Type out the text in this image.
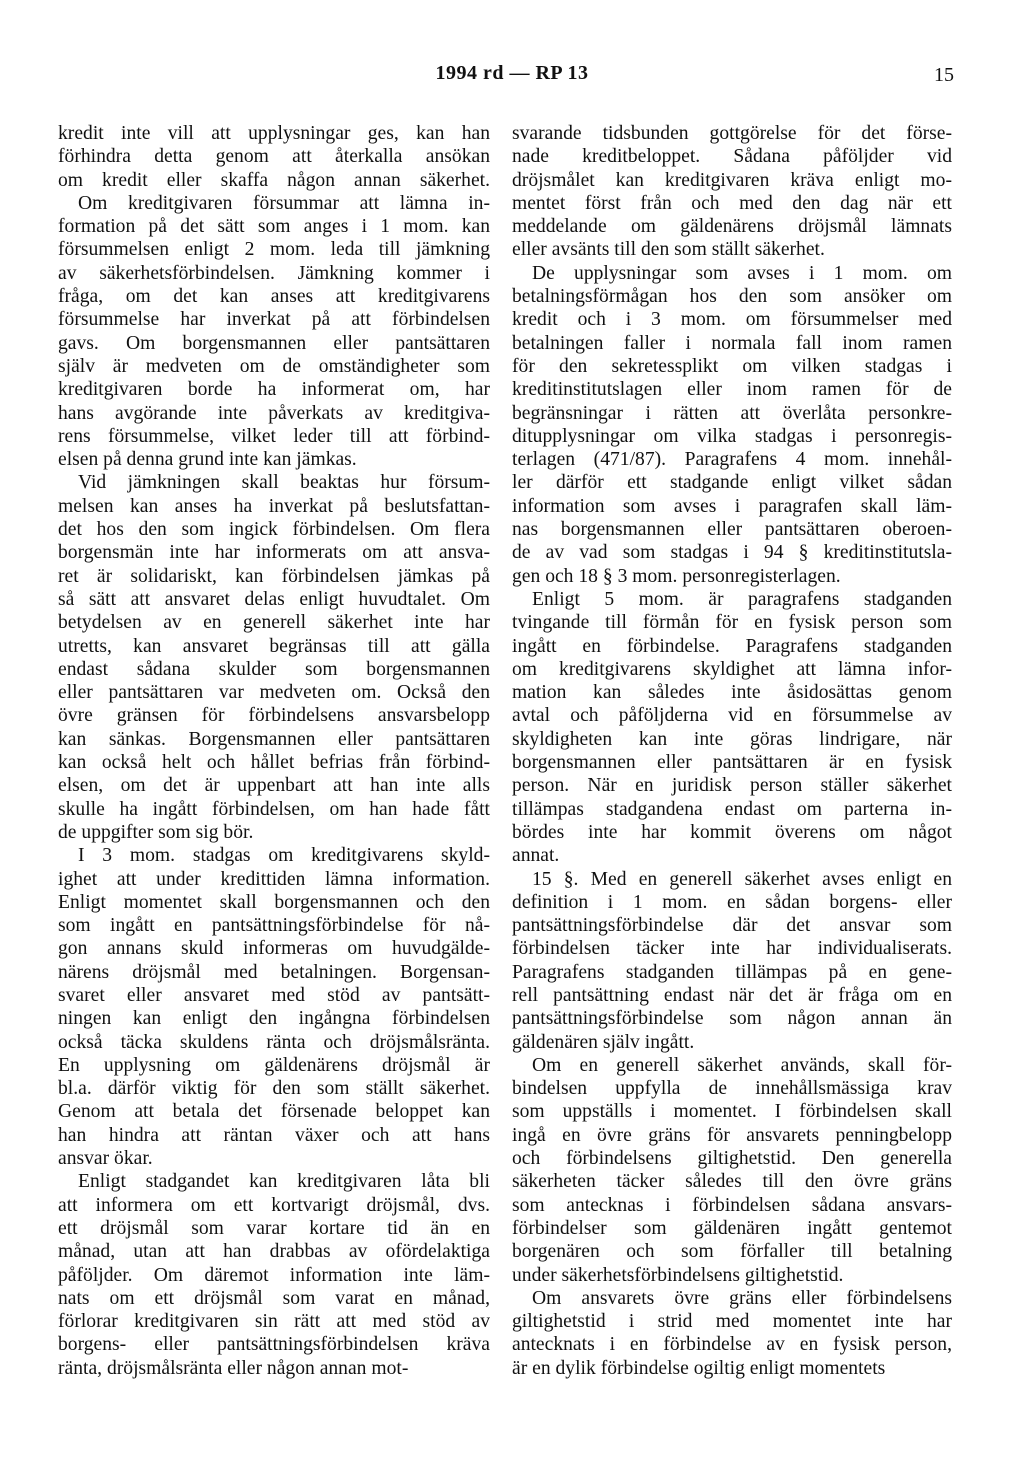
1994 rd — RP 13	15
kredit inte vill att upplysningar ges, kan han
förhindra detta genom att återkalla ansökan
om kredit eller skaffa någon annan säkerhet.
Om kreditgivaren försummar att lämna in-
formation på det sätt som anges i 1 mom. kan
försummelsen enligt 2 mom. leda till jämkning
av säkerhetsförbindelsen. Jämkning kommer i
fråga, om det kan anses att kreditgivarens
försummelse har inverkat på att förbindelsen
gavs. Om borgensmannen eller pantsättaren
själv är medveten om de omständigheter som
kreditgivaren borde ha informerat om, har
hans avgörande inte påverkats av kreditgiva-
rens försummelse, vilket leder till att förbind-
elsen på denna grund inte kan jämkas.
Vid jämkningen skall beaktas hur försum-
melsen kan anses ha inverkat på beslutsfattan-
det hos den som ingick förbindelsen. Om flera
borgensmän inte har informerats om att ansva-
ret är solidariskt, kan förbindelsen jämkas på
så sätt att ansvaret delas enligt huvudtalet. Om
betydelsen av en generell säkerhet inte har
utretts, kan ansvaret begränsas till att gälla
endast sådana skulder som borgensmannen
eller pantsättaren var medveten om. Också den
övre gränsen för förbindelsens ansvarsbelopp
kan sänkas. Borgensmannen eller pantsättaren
kan också helt och hållet befrias från förbind-
elsen, om det är uppenbart att han inte alls
skulle ha ingått förbindelsen, om han hade fått
de uppgifter som sig bör.
I 3 mom. stadgas om kreditgivarens skyld-
ighet att under kredittiden lämna information.
Enligt momentet skall borgensmannen och den
som ingått en pantsättningsförbindelse för nå-
gon annans skuld informeras om huvudgälde-
närens dröjsmål med betalningen. Borgensan-
svaret eller ansvaret med stöd av pantsätt-
ningen kan enligt den ingångna förbindelsen
också täcka skuldens ränta och dröjsmålsränta.
En upplysning om gäldenärens dröjsmål är
bl.a. därför viktig för den som ställt säkerhet.
Genom att betala det försenade beloppet kan
han hindra att räntan växer och att hans
ansvar ökar.
Enligt stadgandet kan kreditgivaren låta bli
att informera om ett kortvarigt dröjsmål, dvs.
ett dröjsmål som varar kortare tid än en
månad, utan att han drabbas av ofördelaktiga
påföljder. Om däremot information inte läm-
nats om ett dröjsmål som varat en månad,
förlorar kreditgivaren sin rätt att med stöd av
borgens- eller pantsättningsförbindelsen kräva
ränta, dröjsmålsränta eller någon annan mot-
svarande tidsbunden gottgörelse för det förse-
nade kreditbeloppet. Sådana påföljder vid
dröjsmålet kan kreditgivaren kräva enligt mo-
mentet först från och med den dag när ett
meddelande om gäldenärens dröjsmål lämnats
eller avsänts till den som ställt säkerhet.
De upplysningar som avses i 1 mom. om
betalningsförmågan hos den som ansöker om
kredit och i 3 mom. om försummelser med
betalningen faller i normala fall inom ramen
för den sekretessplikt om vilken stadgas i
kreditinstitutslagen eller inom ramen för de
begränsningar i rätten att överlåta personkre-
ditupplysningar om vilka stadgas i personregis-
terlagen (471/87). Paragrafens 4 mom. innehål-
ler därför ett stadgande enligt vilket sådan
information som avses i paragrafen skall läm-
nas borgensmannen eller pantsättaren oberoen-
de av vad som stadgas i 94 § kreditinstitutsla-
gen och 18 § 3 mom. personregisterlagen.
Enligt 5 mom. är paragrafens stadganden
tvingande till förmån för en fysisk person som
ingått en förbindelse. Paragrafens stadganden
om kreditgivarens skyldighet att lämna infor-
mation kan således inte åsidosättas genom
avtal och påföljderna vid en försummelse av
skyldigheten kan inte göras lindrigare, när
borgensmannen eller pantsättaren är en fysisk
person. När en juridisk person ställer säkerhet
tillämpas stadgandena endast om parterna in-
bördes inte har kommit överens om något
annat.
15 §. Med en generell säkerhet avses enligt en
definition i 1 mom. en sådan borgens- eller
pantsättningsförbindelse där det ansvar som
förbindelsen täcker inte har individualiserats.
Paragrafens stadganden tillämpas på en gene-
rell pantsättning endast när det är fråga om en
pantsättningsförbindelse som någon annan än
gäldenären själv ingått.
Om en generell säkerhet används, skall för-
bindelsen uppfylla de innehållsmässiga krav
som uppställs i momentet. I förbindelsen skall
ingå en övre gräns för ansvarets penningbelopp
och förbindelsens giltighetstid. Den generella
säkerheten täcker således till den övre gräns
som antecknas i förbindelsen sådana ansvars-
förbindelser som gäldenären ingått gentemot
borgenären och som förfaller till betalning
under säkerhetsförbindelsens giltighetstid.
Om ansvarets övre gräns eller förbindelsens
giltighetstid i strid med momentet inte har
antecknats i en förbindelse av en fysisk person,
är en dylik förbindelse ogiltig enligt momentets
